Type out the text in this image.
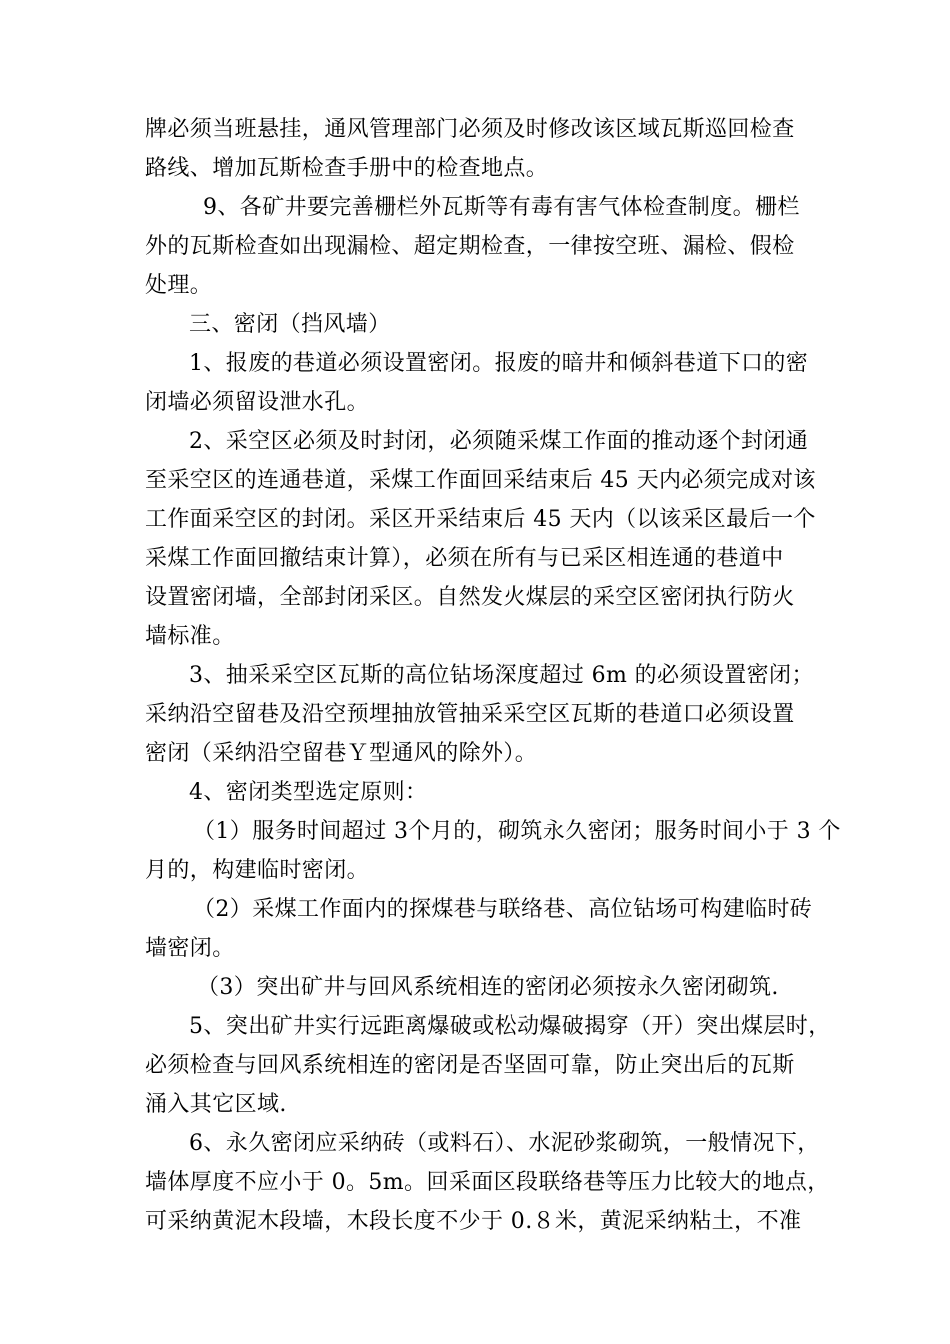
牌必须当班悬挂，通风管理部门必须及时修改该区域瓦斯巡回检查
路线、增加瓦斯检查手册中的检查地点。

9、各矿井要完善栅栏外瓦斯等有毒有害气体检查制度。栅栏
外的瓦斯检查如出现漏检、超定期检查，一律按空班、漏检、假检
处理。

三、密闭（挡风墙）

1、报废的巷道必须设置密闭。报废的暗井和倾斜巷道下口的密
闭墙必须留设泄水孔。

2、采空区必须及时封闭，必须随采煤工作面的推动逐个封闭通
至采空区的连通巷道，采煤工作面回采结束后 45 天内必须完成对该
工作面采空区的封闭。采区开采结束后 45 天内（以该采区最后一个
采煤工作面回撤结束计算），必须在所有与已采区相连通的巷道中
设置密闭墙，全部封闭采区。自然发火煤层的采空区密闭执行防火
墙标准。

3、抽采采空区瓦斯的高位钻场深度超过 6m 的必须设置密闭；
采纳沿空留巷及沿空预埋抽放管抽采采空区瓦斯的巷道口必须设置
密闭（采纳沿空留巷Ｙ型通风的除外）。

4、密闭类型选定原则：

（1）服务时间超过 3个月的，砌筑永久密闭；服务时间小于 3 个
月的，构建临时密闭。

（2）采煤工作面内的探煤巷与联络巷、高位钻场可构建临时砖
墙密闭。

（3）突出矿井与回风系统相连的密闭必须按永久密闭砌筑.

5、突出矿井实行远距离爆破或松动爆破揭穿（开）突出煤层时，
必须检查与回风系统相连的密闭是否坚固可靠，防止突出后的瓦斯
涌入其它区域.

6、永久密闭应采纳砖（或料石）、水泥砂浆砌筑，一般情况下，
墙体厚度不应小于 0。5m。回采面区段联络巷等压力比较大的地点，
可采纳黄泥木段墙，木段长度不少于 0.８米，黄泥采纳粘土，不准
